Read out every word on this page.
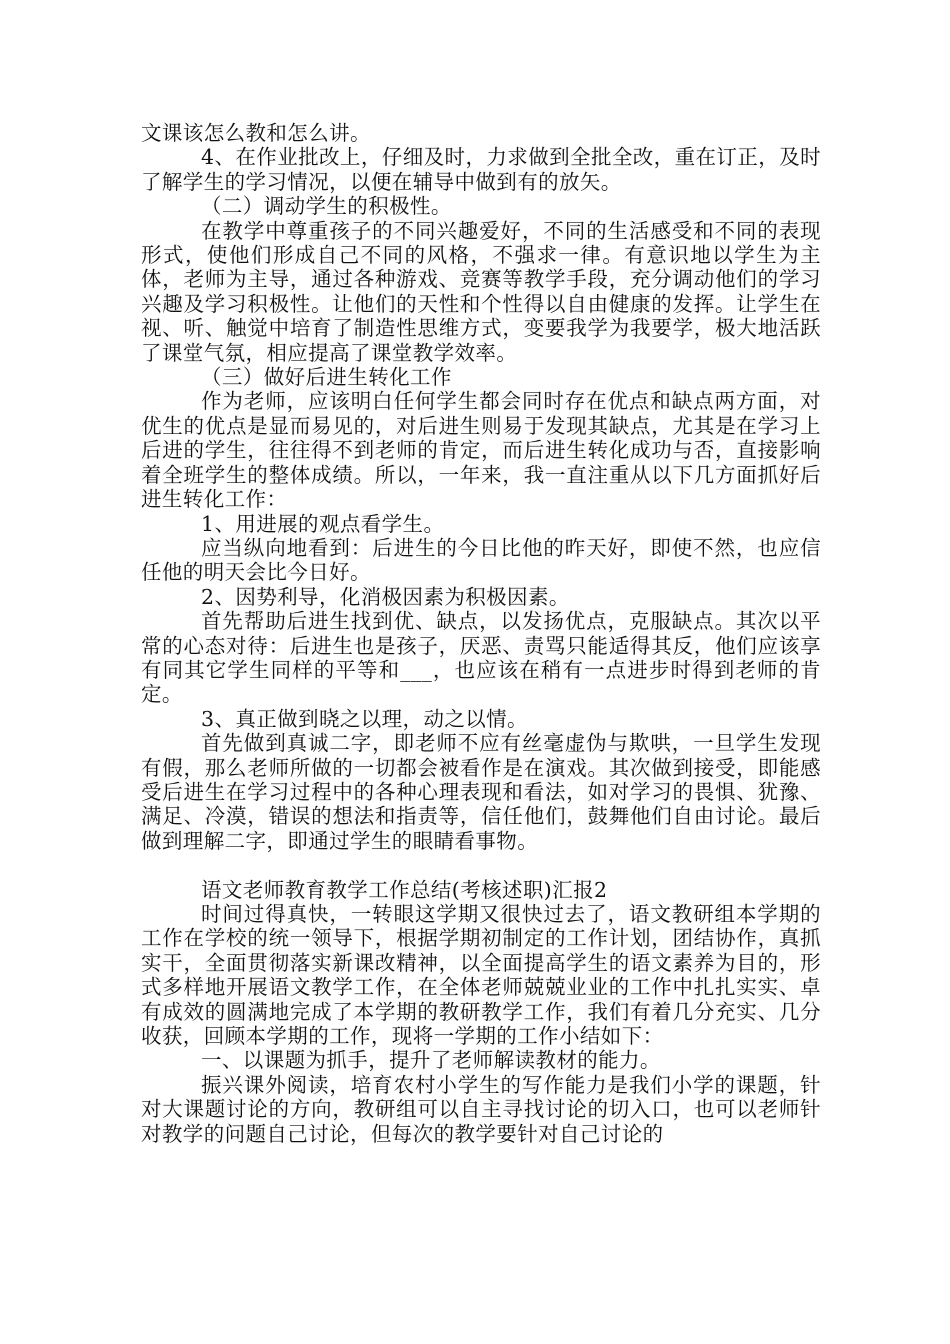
文课该怎么教和怎么讲。

4、在作业批改上，仔细及时，力求做到全批全改，重在订正，及时了解学生的学习情况，以便在辅导中做到有的放矢。

（二）调动学生的积极性。

在教学中尊重孩子的不同兴趣爱好，不同的生活感受和不同的表现形式，使他们形成自己不同的风格，不强求一律。有意识地以学生为主体，老师为主导，通过各种游戏、竞赛等教学手段，充分调动他们的学习兴趣及学习积极性。让他们的天性和个性得以自由健康的发挥。让学生在视、听、触觉中培育了制造性思维方式，变要我学为我要学，极大地活跃了课堂气氛，相应提高了课堂教学效率。

（三）做好后进生转化工作

作为老师，应该明白任何学生都会同时存在优点和缺点两方面，对优生的优点是显而易见的，对后进生则易于发现其缺点，尤其是在学习上后进的学生，往往得不到老师的肯定，而后进生转化成功与否，直接影响着全班学生的整体成绩。所以，一年来，我一直注重从以下几方面抓好后进生转化工作：

1、用进展的观点看学生。

应当纵向地看到：后进生的今日比他的昨天好，即使不然，也应信任他的明天会比今日好。

2、因势利导，化消极因素为积极因素。

首先帮助后进生找到优、缺点，以发扬优点，克服缺点。其次以平常的心态对待：后进生也是孩子，厌恶、责骂只能适得其反，他们应该享有同其它学生同样的平等和___，也应该在稍有一点进步时得到老师的肯定。

3、真正做到晓之以理，动之以情。

首先做到真诚二字，即老师不应有丝毫虚伪与欺哄，一旦学生发现有假，那么老师所做的一切都会被看作是在演戏。其次做到接受，即能感受后进生在学习过程中的各种心理表现和看法，如对学习的畏惧、犹豫、满足、冷漠，错误的想法和指责等，信任他们，鼓舞他们自由讨论。最后做到理解二字，即通过学生的眼睛看事物。

语文老师教育教学工作总结(考核述职)汇报2

时间过得真快，一转眼这学期又很快过去了，语文教研组本学期的工作在学校的统一领导下，根据学期初制定的工作计划，团结协作，真抓实干，全面贯彻落实新课改精神，以全面提高学生的语文素养为目的，形式多样地开展语文教学工作，在全体老师兢兢业业的工作中扎扎实实、卓有成效的圆满地完成了本学期的教研教学工作，我们有着几分充实、几分收获，回顾本学期的工作，现将一学期的工作小结如下：

一、以课题为抓手，提升了老师解读教材的能力。

振兴课外阅读，培育农村小学生的写作能力是我们小学的课题，针对大课题讨论的方向，教研组可以自主寻找讨论的切入口，也可以老师针对教学的问题自己讨论，但每次的教学要针对自己讨论的
